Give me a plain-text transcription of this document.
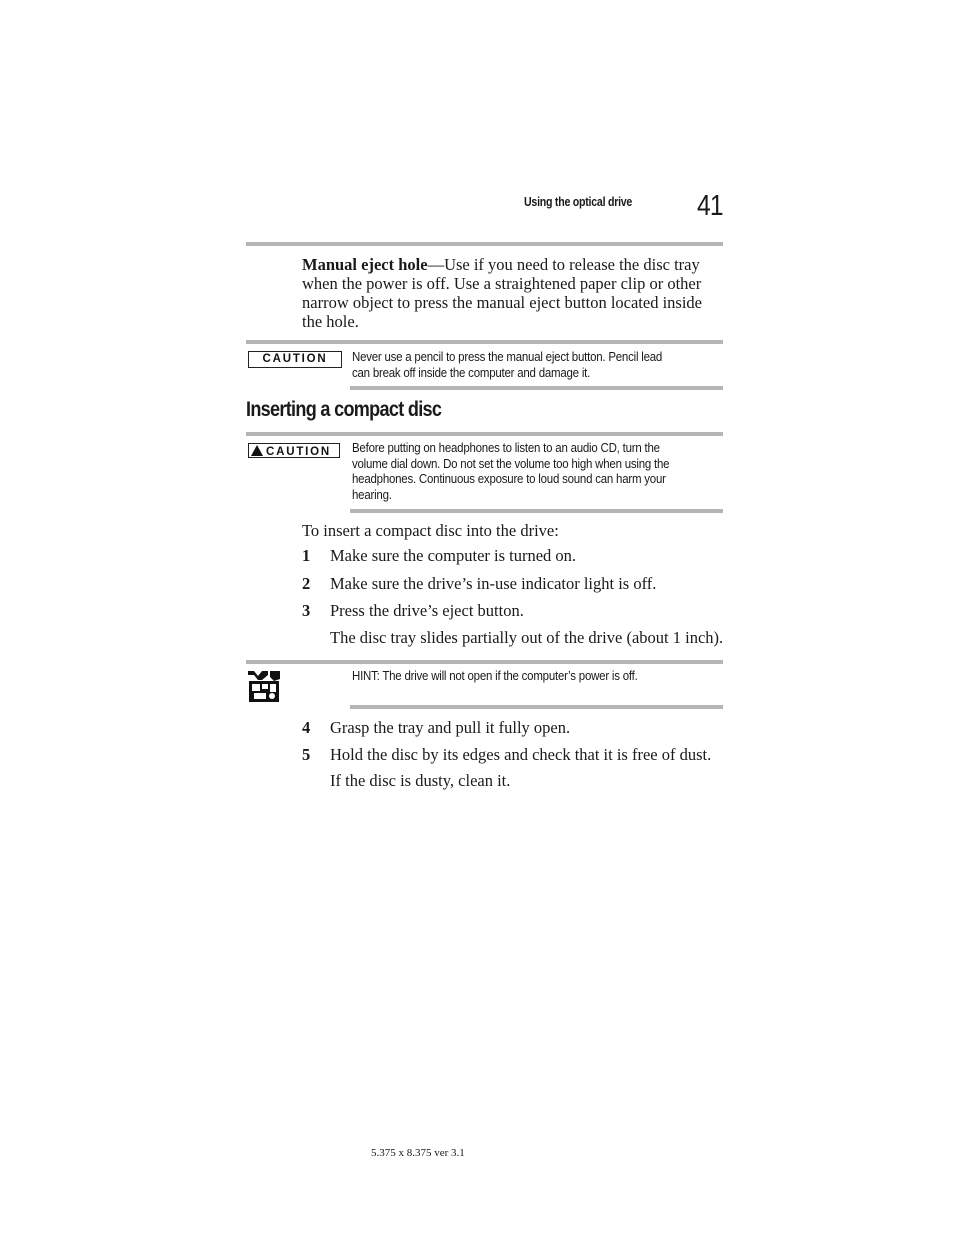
Using the optical drive 41
Manual eject hole—Use if you need to release the disc tray when the power is off. Use a straightened paper clip or other narrow object to press the manual eject button located inside the hole.
CAUTION	Never use a pencil to press the manual eject button. Pencil lead can break off inside the computer and damage it.
Inserting a compact disc
! CAUTION	Before putting on headphones to listen to an audio CD, turn the volume dial down. Do not set the volume too high when using the headphones. Continuous exposure to loud sound can harm your hearing.
To insert a compact disc into the drive:
1 Make sure the computer is turned on.
2 Make sure the drive’s in-use indicator light is off.
3 Press the drive’s eject button.
The disc tray slides partially out of the drive (about 1 inch).
HINT: The drive will not open if the computer’s power is off.
4 Grasp the tray and pull it fully open.
5 Hold the disc by its edges and check that it is free of dust.
If the disc is dusty, clean it.
5.375 x 8.375 ver 3.1
